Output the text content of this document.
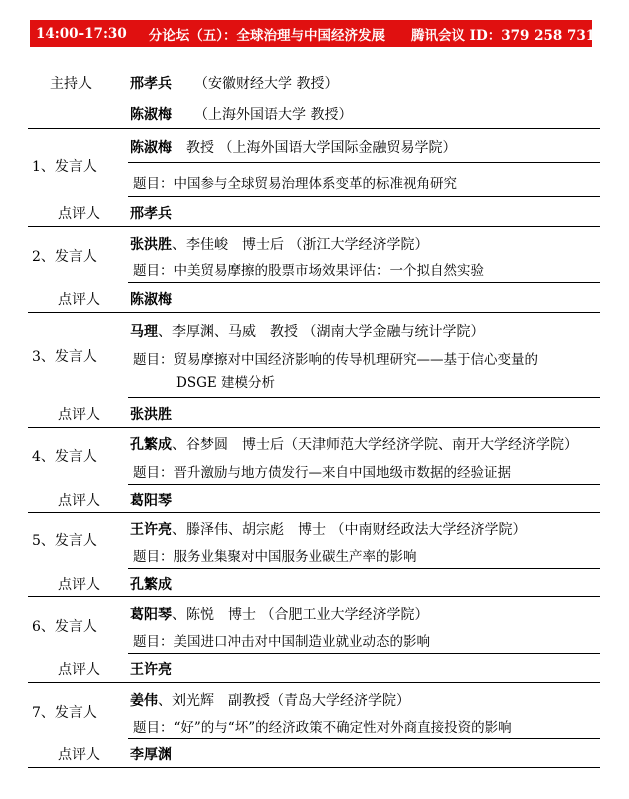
14:00-17:30 分论坛（五）：全球治理与中国经济发展 腾讯会议 ID：379 258 731
主持人	邢孝兵 （安徽财经大学 教授）
陈淑梅 （上海外国语大学 教授）
1、发言人
陈淑梅 教授 （上海外国语大学国际金融贸易学院）
题目：中国参与全球贸易治理体系变革的标准视角研究
点评人 邢孝兵
2、发言人
张洪胜、李佳峻 博士后 （浙江大学经济学院）
题目：中美贸易摩擦的股票市场效果评估：一个拟自然实验
点评人 陈淑梅
3、发言人
马理、李厚渊、马威 教授 （湖南大学金融与统计学院）
题目：贸易摩擦对中国经济影响的传导机理研究——基于信心变量的
DSGE 建模分析
点评人 张洪胜
4、发言人
孔繁成、谷梦圆 博士后（天津师范大学经济学院、南开大学经济学院）
题目：晋升激励与地方债发行—来自中国地级市数据的经验证据
点评人 葛阳琴
5、发言人
王许亮、滕泽伟、胡宗彪 博士 （中南财经政法大学经济学院）
题目：服务业集聚对中国服务业碳生产率的影响
点评人 孔繁成
6、发言人
葛阳琴、陈悦 博士 （合肥工业大学经济学院）
题目：美国进口冲击对中国制造业就业动态的影响
点评人 王许亮
7、发言人
姜伟、刘光辉 副教授（青岛大学经济学院）
题目：“好”的与“坏”的经济政策不确定性对外商直接投资的影响
点评人 李厚渊
